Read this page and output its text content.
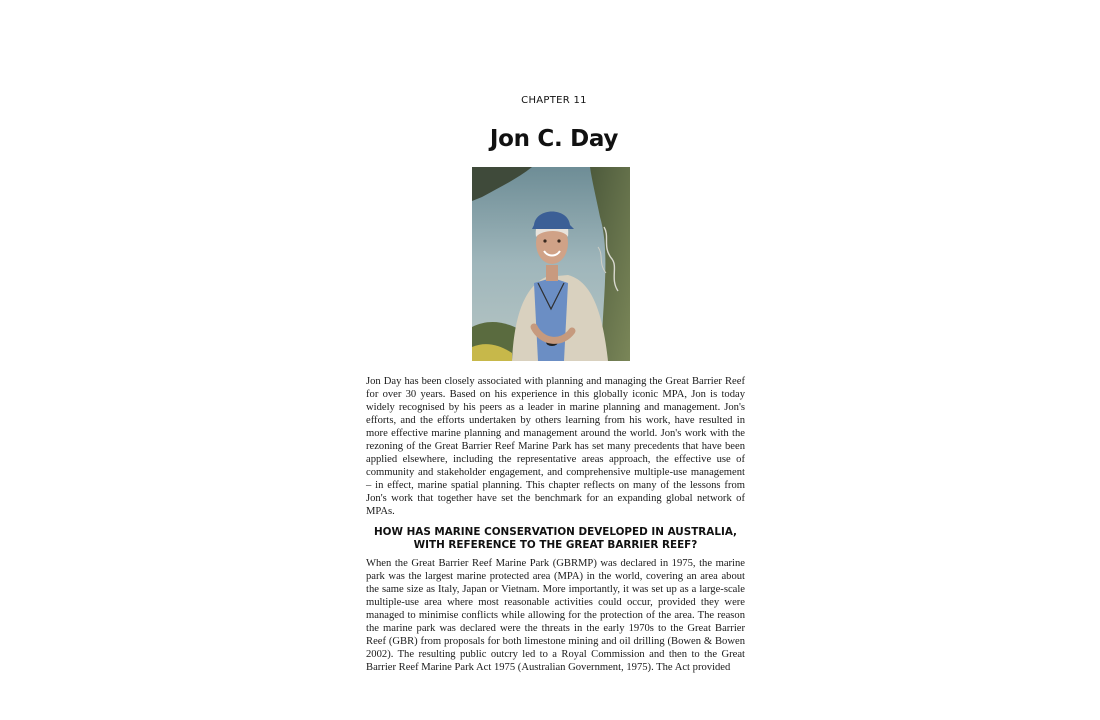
CHAPTER 11
Jon C. Day

Jon Day has been closely associated with planning and managing the Great Barrier Reef for over 30 years. Based on his experience in this globally iconic MPA, Jon is today widely recognised by his peers as a leader in marine planning and management. Jon's efforts, and the efforts undertaken by others learning from his work, have resulted in more effective marine planning and management around the world. Jon's work with the rezoning of the Great Barrier Reef Marine Park has set many precedents that have been applied elsewhere, including the representative areas approach, the effective use of community and stakeholder engagement, and comprehensive multiple-use management – in effect, marine spatial planning. This chapter reflects on many of the lessons from Jon's work that together have set the benchmark for an expanding global network of MPAs.

HOW HAS MARINE CONSERVATION DEVELOPED IN AUSTRALIA, WITH REFERENCE TO THE GREAT BARRIER REEF?

When the Great Barrier Reef Marine Park (GBRMP) was declared in 1975, the marine park was the largest marine protected area (MPA) in the world, covering an area about the same size as Italy, Japan or Vietnam. More importantly, it was set up as a large-scale multiple-use area where most reasonable activities could occur, provided they were managed to minimise conflicts while allowing for the protection of the area. The reason the marine park was declared were the threats in the early 1970s to the Great Barrier Reef (GBR) from proposals for both limestone mining and oil drilling (Bowen & Bowen 2002). The resulting public outcry led to a Royal Commission and then to the Great Barrier Reef Marine Park Act 1975 (Australian Government, 1975). The Act provided
